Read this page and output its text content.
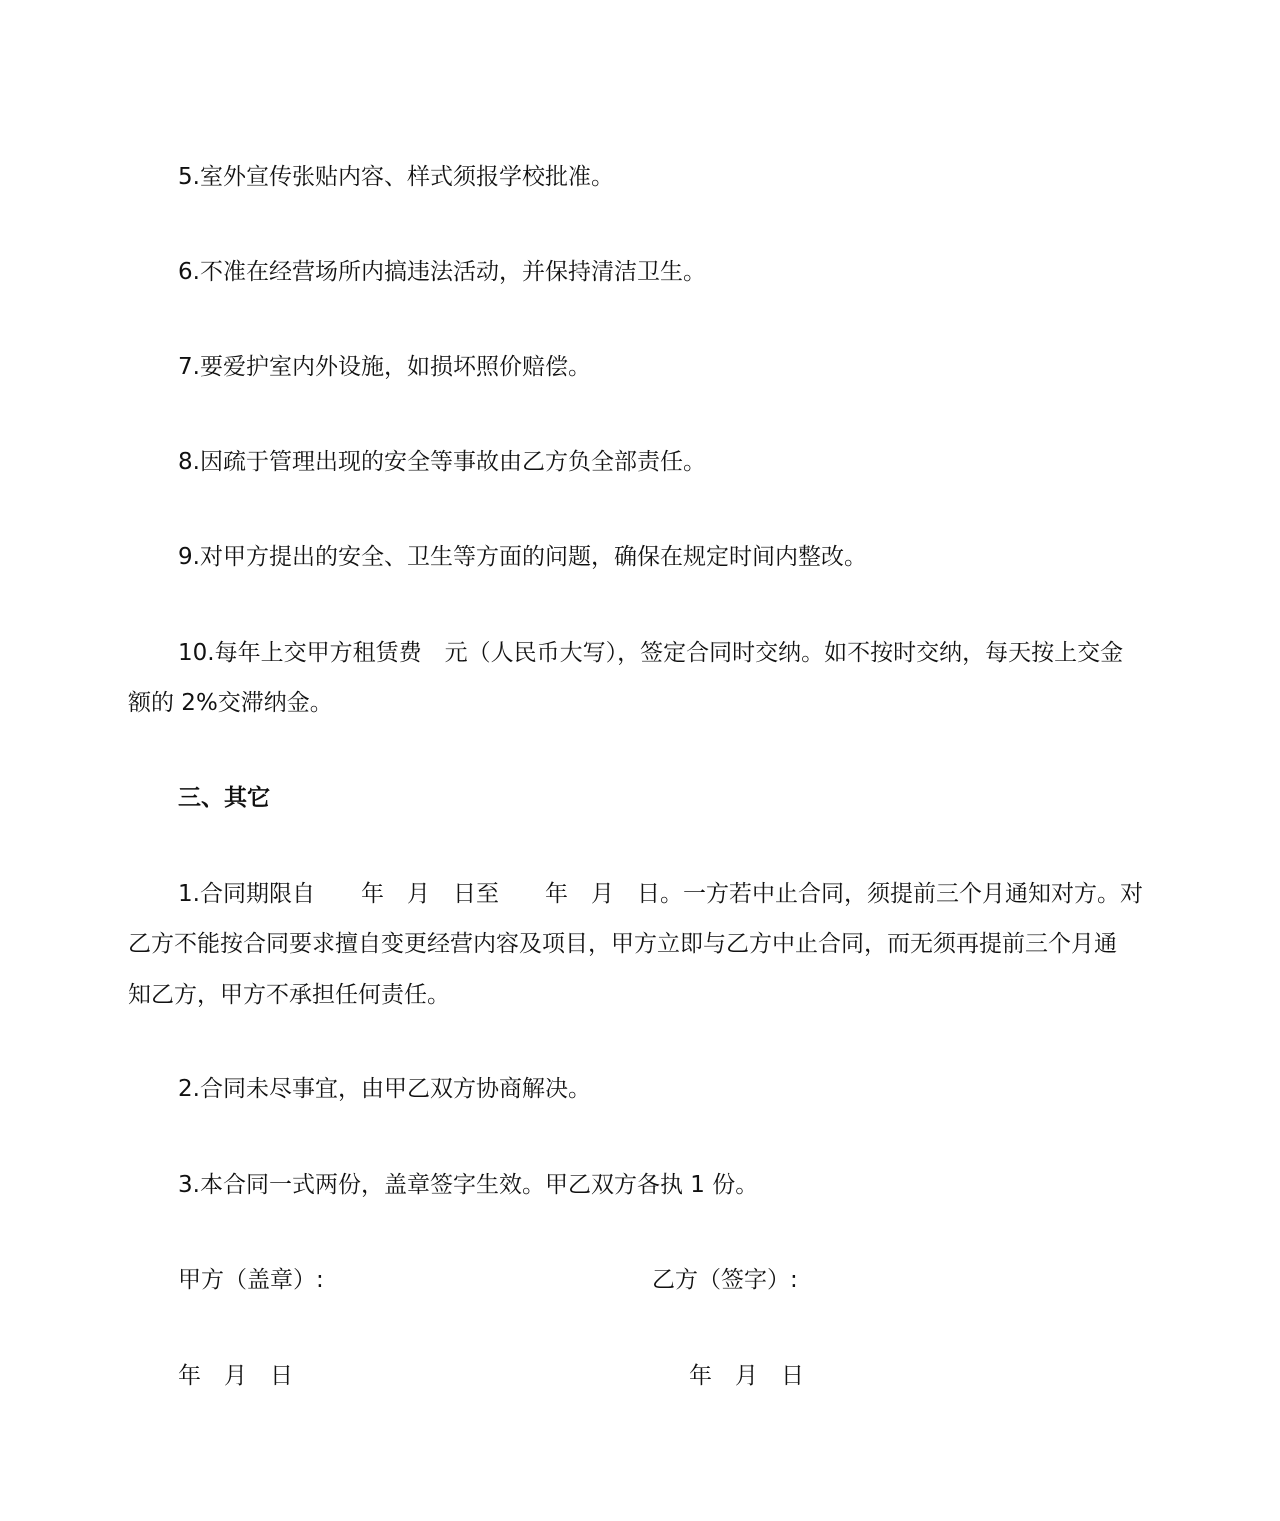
5.室外宣传张贴内容、样式须报学校批准。
6.不准在经营场所内搞违法活动，并保持清洁卫生。
7.要爱护室内外设施，如损坏照价赔偿。
8.因疏于管理出现的安全等事故由乙方负全部责任。
9.对甲方提出的安全、卫生等方面的问题，确保在规定时间内整改。
10.每年上交甲方租赁费　元（人民币大写），签定合同时交纳。如不按时交纳，每天按上交金
额的 2%交滞纳金。
三、其它
1.合同期限自　　年　月　日至　　年　月　日。一方若中止合同，须提前三个月通知对方。对
乙方不能按合同要求擅自变更经营内容及项目，甲方立即与乙方中止合同，而无须再提前三个月通
知乙方，甲方不承担任何责任。
2.合同未尽事宜，由甲乙双方协商解决。
3.本合同一式两份，盖章签字生效。甲乙双方各执 1 份。
甲方（盖章）:	乙方（签字）:
年　月　日	年　月　日
